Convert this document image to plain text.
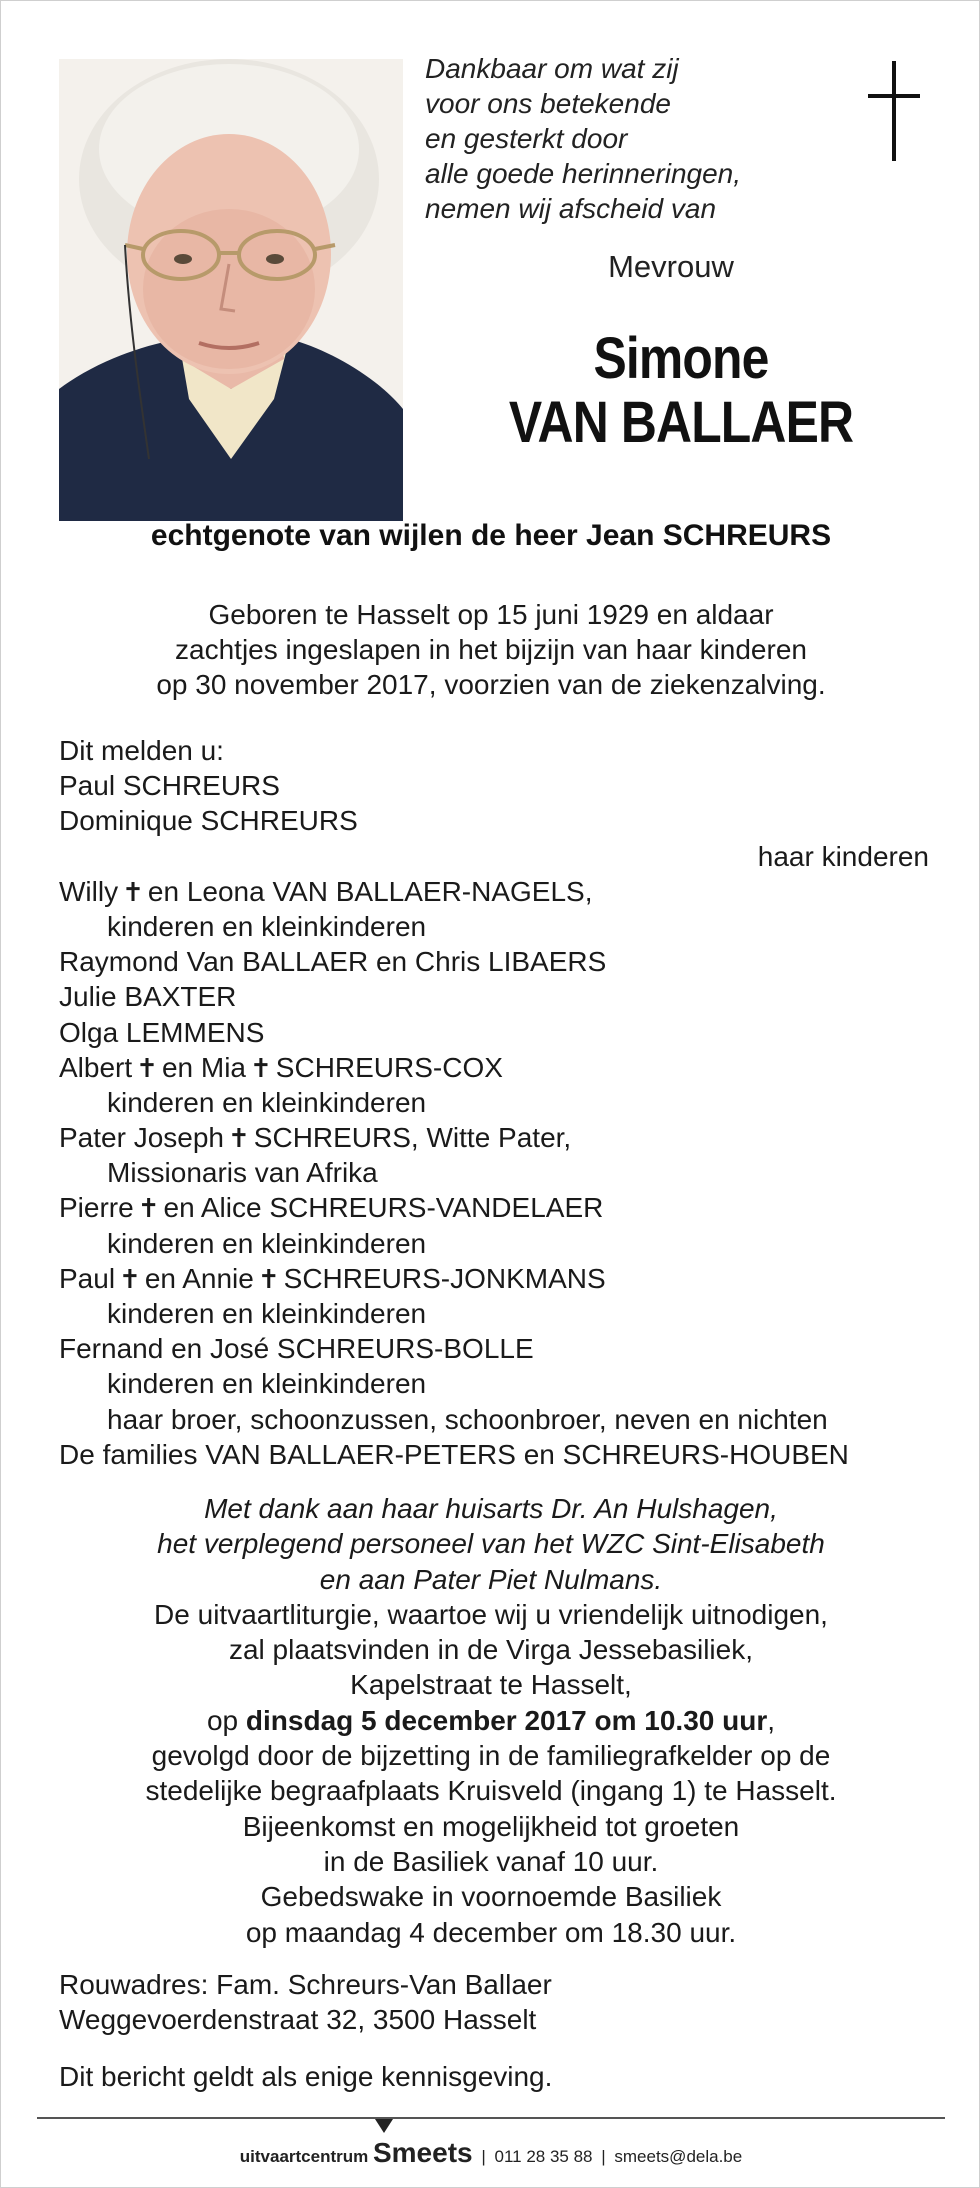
Dankbaar om wat zij
voor ons betekende
en gesterkt door
alle goede herinneringen,
nemen wij afscheid van
Mevrouw
Simone
VAN BALLAER
echtgenote van wijlen de heer Jean SCHREURS
Geboren te Hasselt op 15 juni 1929 en aldaar
zachtjes ingeslapen in het bijzijn van haar kinderen
op 30 november 2017, voorzien van de ziekenzalving.
Dit melden u:
Paul SCHREURS
Dominique SCHREURS
haar kinderen
Willy ✝ en Leona VAN BALLAER-NAGELS,
kinderen en kleinkinderen
Raymond Van BALLAER en Chris LIBAERS
Julie BAXTER
Olga LEMMENS
Albert ✝ en Mia ✝ SCHREURS-COX
kinderen en kleinkinderen
Pater Joseph ✝ SCHREURS, Witte Pater,
Missionaris van Afrika
Pierre ✝ en Alice SCHREURS-VANDELAER
kinderen en kleinkinderen
Paul ✝ en Annie ✝ SCHREURS-JONKMANS
kinderen en kleinkinderen
Fernand en José SCHREURS-BOLLE
kinderen en kleinkinderen
haar broer, schoonzussen, schoonbroer, neven en nichten
De families VAN BALLAER-PETERS en SCHREURS-HOUBEN
Met dank aan haar huisarts Dr. An Hulshagen,
het verplegend personeel van het WZC Sint-Elisabeth
en aan Pater Piet Nulmans.
De uitvaartliturgie, waartoe wij u vriendelijk uitnodigen,
zal plaatsvinden in de Virga Jessebasiliek,
Kapelstraat te Hasselt,
op dinsdag 5 december 2017 om 10.30 uur,
gevolgd door de bijzetting in de familiegrafkelder op de
stedelijke begraafplaats Kruisveld (ingang 1) te Hasselt.
Bijeenkomst en mogelijkheid tot groeten
in de Basiliek vanaf 10 uur.
Gebedswake in voornoemde Basiliek
op maandag 4 december om 18.30 uur.
Rouwadres: Fam. Schreurs-Van Ballaer
Weggevoerdenstraat 32, 3500 Hasselt
Dit bericht geldt als enige kennisgeving.
uitvaartcentrum Smeets | 011 28 35 88 | smeets@dela.be
